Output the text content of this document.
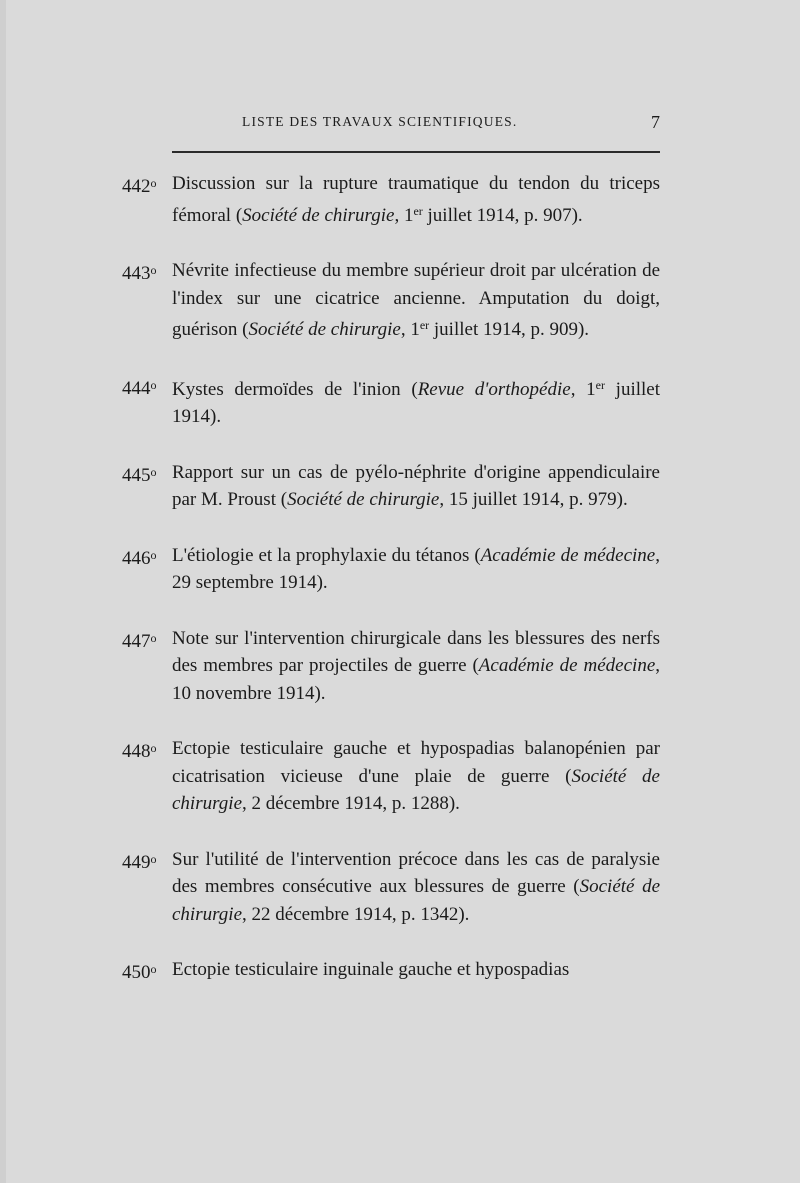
LISTE DES TRAVAUX SCIENTIFIQUES.	7
442$^o$ Discussion sur la rupture traumatique du tendon du triceps fémoral (Société de chirurgie, 1er juillet 1914, p. 907).
443$^o$ Névrite infectieuse du membre supérieur droit par ulcération de l'index sur une cicatrice ancienne. Amputation du doigt, guérison (Société de chirurgie, 1er juillet 1914, p. 909).
444$^o$ Kystes dermoïdes de l'inion (Revue d'orthopédie, 1er juillet 1914).
445$^o$ Rapport sur un cas de pyélo-néphrite d'origine appendiculaire par M. Proust (Société de chirurgie, 15 juillet 1914, p. 979).
446$^o$ L'étiologie et la prophylaxie du tétanos (Académie de médecine, 29 septembre 1914).
447$^o$ Note sur l'intervention chirurgicale dans les blessures des nerfs des membres par projectiles de guerre (Académie de médecine, 10 novembre 1914).
448$^o$ Ectopie testiculaire gauche et hypospadias balanopénien par cicatrisation vicieuse d'une plaie de guerre (Société de chirurgie, 2 décembre 1914, p. 1288).
449$^o$ Sur l'utilité de l'intervention précoce dans les cas de paralysie des membres consécutive aux blessures de guerre (Société de chirurgie, 22 décembre 1914, p. 1342).
450$^o$ Ectopie testiculaire inguinale gauche et hypospadias
